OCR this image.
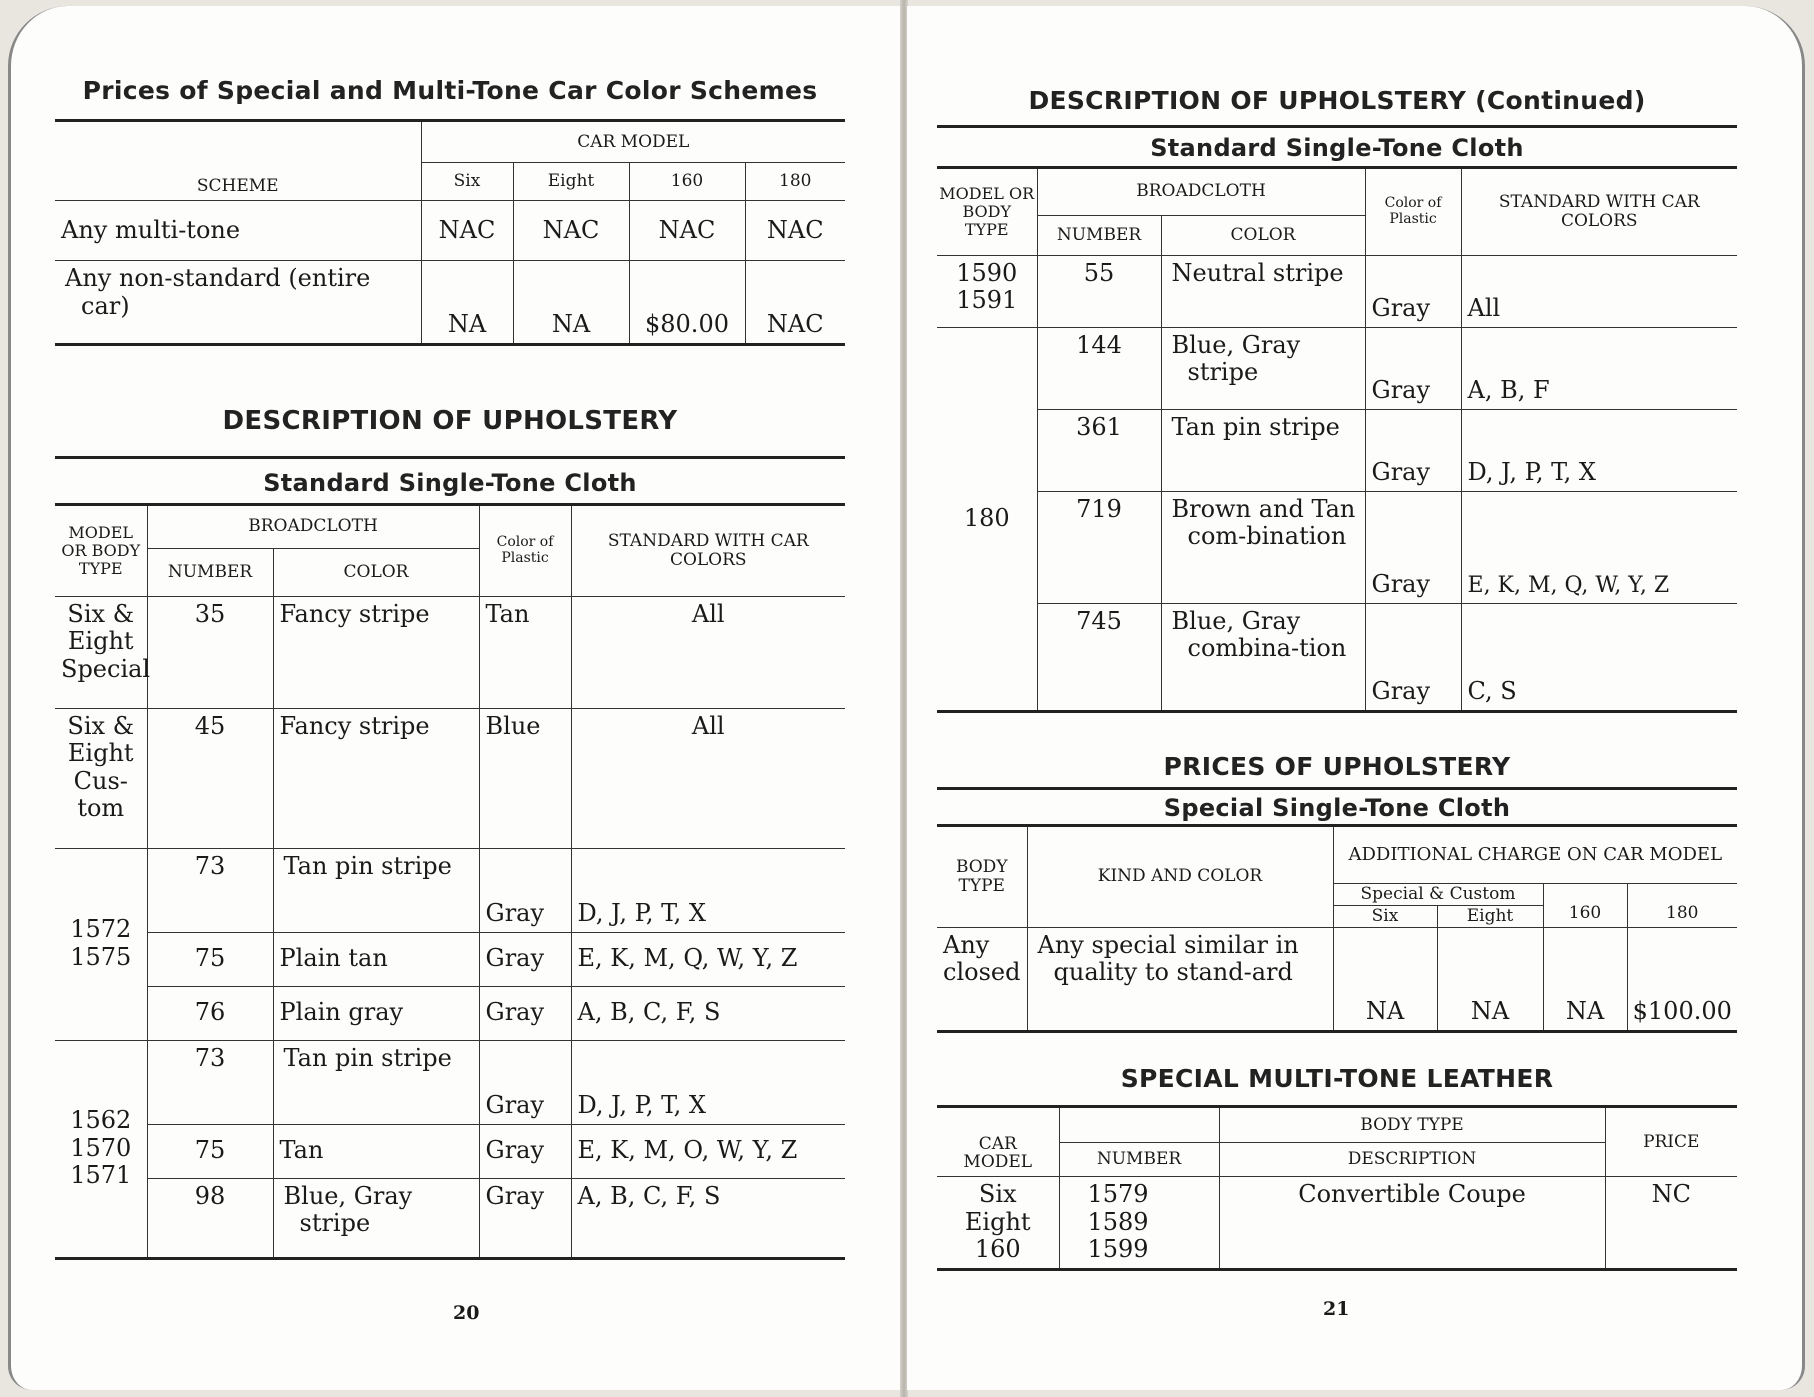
Prices of Special and Multi-Tone Car Color Schemes
SCHEME	CAR MODEL			
	Six	Eight	160	180
Any multi-tone	NAC	NAC	NAC	NAC
Any non-standard (entire car)	NA	NA	$80.00	NAC
DESCRIPTION OF UPHOLSTERY
Standard Single-Tone Cloth
MODEL OR BODY TYPE	BROADCLOTH		Color of Plastic	STANDARD WITH CAR COLORS
	NUMBER	COLOR		
Six & Eight Special	35	Fancy stripe	Tan	All
Six & Eight Cus-tom	45	Fancy stripe	Blue	All
1572 1575	73	Tan pin stripe	Gray	D, J, P, T, X
	75	Plain tan	Gray	E, K, M, Q, W, Y, Z
	76	Plain gray	Gray	A, B, C, F, S
1562 1570 1571	73	Tan pin stripe	Gray	D, J, P, T, X
	75	Tan	Gray	E, K, M, O, W, Y, Z
	98	Blue, Gray stripe	Gray	A, B, C, F, S
20
DESCRIPTION OF UPHOLSTERY (Continued)
Standard Single-Tone Cloth
MODEL OR BODY TYPE	BROADCLOTH		Color of Plastic	STANDARD WITH CAR COLORS
	NUMBER	COLOR		
1590 1591	55	Neutral stripe	Gray	All
180	144	Blue, Gray stripe	Gray	A, B, F
	361	Tan pin stripe	Gray	D, J, P, T, X
	719	Brown and Tan com-bination	Gray	E, K, M, Q, W, Y, Z
	745	Blue, Gray combina-tion	Gray	C, S
PRICES OF UPHOLSTERY
Special Single-Tone Cloth
BODY TYPE	KIND AND COLOR	ADDITIONAL CHARGE ON CAR MODEL			
		Special & Custom		160	180
		Six	Eight		
Any closed	Any special similar in quality to stand-ard	NA	NA	NA	$100.00
SPECIAL MULTI-TONE LEATHER
CAR MODEL		BODY TYPE	PRICE
	NUMBER	DESCRIPTION	
Six Eight 160	1579 1589 1599	Convertible Coupe	NC
21
